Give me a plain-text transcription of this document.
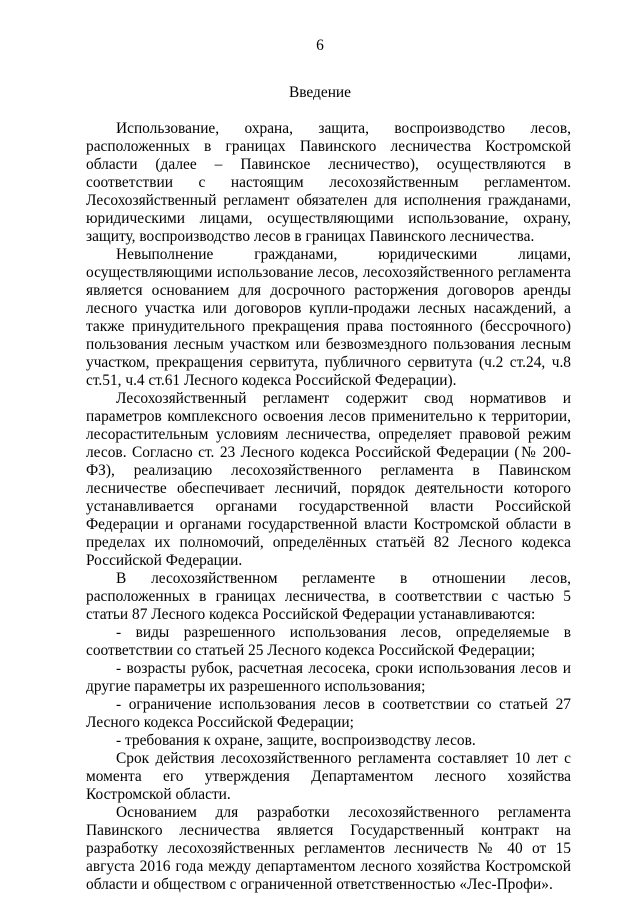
6
Введение

Использование, охрана, защита, воспроизводство лесов, расположенных в границах Павинского лесничества Костромской области (далее – Павинское лесничество), осуществляются в соответствии с настоящим лесохозяйственным регламентом. Лесохозяйственный регламент обязателен для исполнения гражданами, юридическими лицами, осуществляющими использование, охрану, защиту, воспроизводство лесов в границах Павинского лесничества.

Невыполнение гражданами, юридическими лицами, осуществляющими использование лесов, лесохозяйственного регламента является основанием для досрочного расторжения договоров аренды лесного участка или договоров купли-продажи лесных насаждений, а также принудительного прекращения права постоянного (бессрочного) пользования лесным участком или безвозмездного пользования лесным участком, прекращения сервитута, публичного сервитута (ч.2 ст.24, ч.8 ст.51, ч.4 ст.61 Лесного кодекса Российской Федерации).

Лесохозяйственный регламент содержит свод нормативов и параметров комплексного освоения лесов применительно к территории, лесорастительным условиям лесничества, определяет правовой режим лесов. Согласно ст. 23 Лесного кодекса Российской Федерации (№ 200-ФЗ), реализацию лесохозяйственного регламента в Павинском лесничестве обеспечивает лесничий, порядок деятельности которого устанавливается органами государственной власти Российской Федерации и органами государственной власти Костромской области в пределах их полномочий, определённых статьёй 82 Лесного кодекса Российской Федерации.

В лесохозяйственном регламенте в отношении лесов, расположенных в границах лесничества, в соответствии с частью 5 статьи 87 Лесного кодекса Российской Федерации устанавливаются:

- виды разрешенного использования лесов, определяемые в соответствии со статьей 25 Лесного кодекса Российской Федерации;

- возрасты рубок, расчетная лесосека, сроки использования лесов и другие параметры их разрешенного использования;

- ограничение использования лесов в соответствии со статьей 27 Лесного кодекса Российской Федерации;

- требования к охране, защите, воспроизводству лесов.

Срок действия лесохозяйственного регламента составляет 10 лет с момента его утверждения Департаментом лесного хозяйства Костромской области.

Основанием для разработки лесохозяйственного регламента Павинского лесничества является Государственный контракт на разработку лесохозяйственных регламентов лесничеств № 40 от 15 августа 2016 года между департаментом лесного хозяйства Костромской области и обществом с ограниченной ответственностью «Лес-Профи».
